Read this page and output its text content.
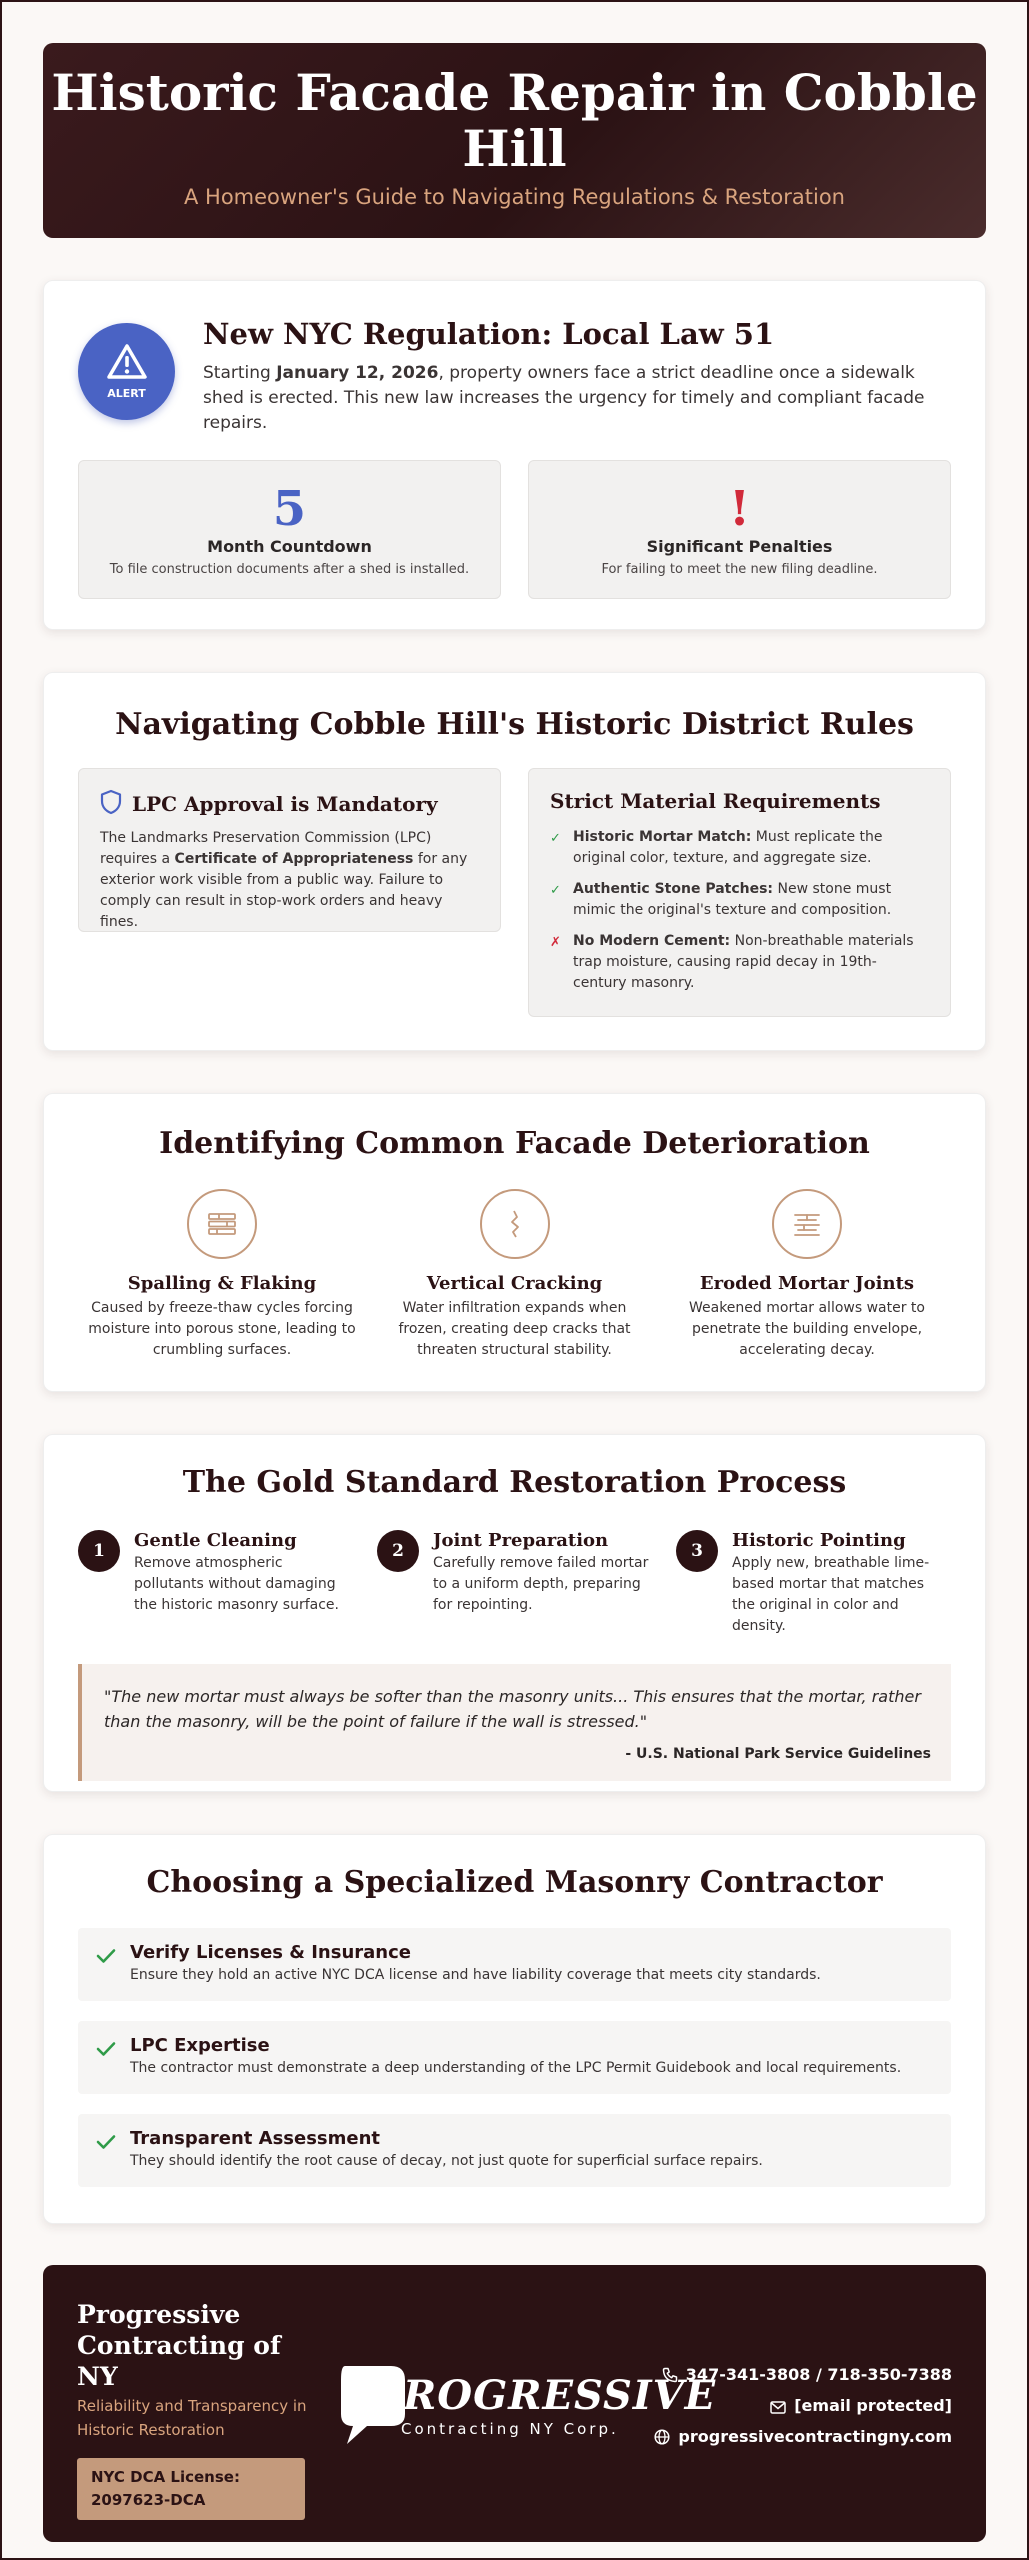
Historic Facade Repair in Cobble Hill

A Homeowner's Guide to Navigating Regulations & Restoration

ALERT
New NYC Regulation: Local Law 51

Starting January 12, 2026, property owners face a strict deadline once a sidewalk shed is erected. This new law increases the urgency for timely and compliant facade repairs.

5
Month Countdown
To file construction documents after a shed is installed.
!
Significant Penalties
For failing to meet the new filing deadline.
Navigating Cobble Hill's Historic District Rules
LPC Approval is Mandatory

The Landmarks Preservation Commission (LPC) requires a Certificate of Appropriateness for any exterior work visible from a public way. Failure to comply can result in stop-work orders and heavy fines.

Strict Material Requirements
✓ Historic Mortar Match: Must replicate the original color, texture, and aggregate size.
✓ Authentic Stone Patches: New stone must mimic the original's texture and composition.
✗ No Modern Cement: Non-breathable materials trap moisture, causing rapid decay in 19th-century masonry.
Identifying Common Facade Deterioration
Spalling & Flaking

Caused by freeze-thaw cycles forcing moisture into porous stone, leading to crumbling surfaces.

Vertical Cracking

Water infiltration expands when frozen, creating deep cracks that threaten structural stability.

Eroded Mortar Joints

Weakened mortar allows water to penetrate the building envelope, accelerating decay.

The Gold Standard Restoration Process
1	Gentle Cleaning

Remove atmospheric pollutants without damaging the historic masonry surface.

2	Joint Preparation

Carefully remove failed mortar to a uniform depth, preparing for repointing.

3	Historic Pointing

Apply new, breathable lime-based mortar that matches the original in color and density.

"The new mortar must always be softer than the masonry units... This ensures that the mortar, rather than the masonry, will be the point of failure if the wall is stressed."

- U.S. National Park Service Guidelines

Choosing a Specialized Masonry Contractor
Verify Licenses & Insurance

Ensure they hold an active NYC DCA license and have liability coverage that meets city standards.

LPC Expertise

The contractor must demonstrate a deep understanding of the LPC Permit Guidebook and local requirements.

Transparent Assessment

They should identify the root cause of decay, not just quote for superficial surface repairs.

Progressive Contracting of NY
Reliability and Transparency in Historic Restoration
NYC DCA License: 2097623-DCA
ROGRESSIVE
Contracting NY Corp.
347-341-3808 / 718-350-7388
[email protected]
progressivecontractingny.com
